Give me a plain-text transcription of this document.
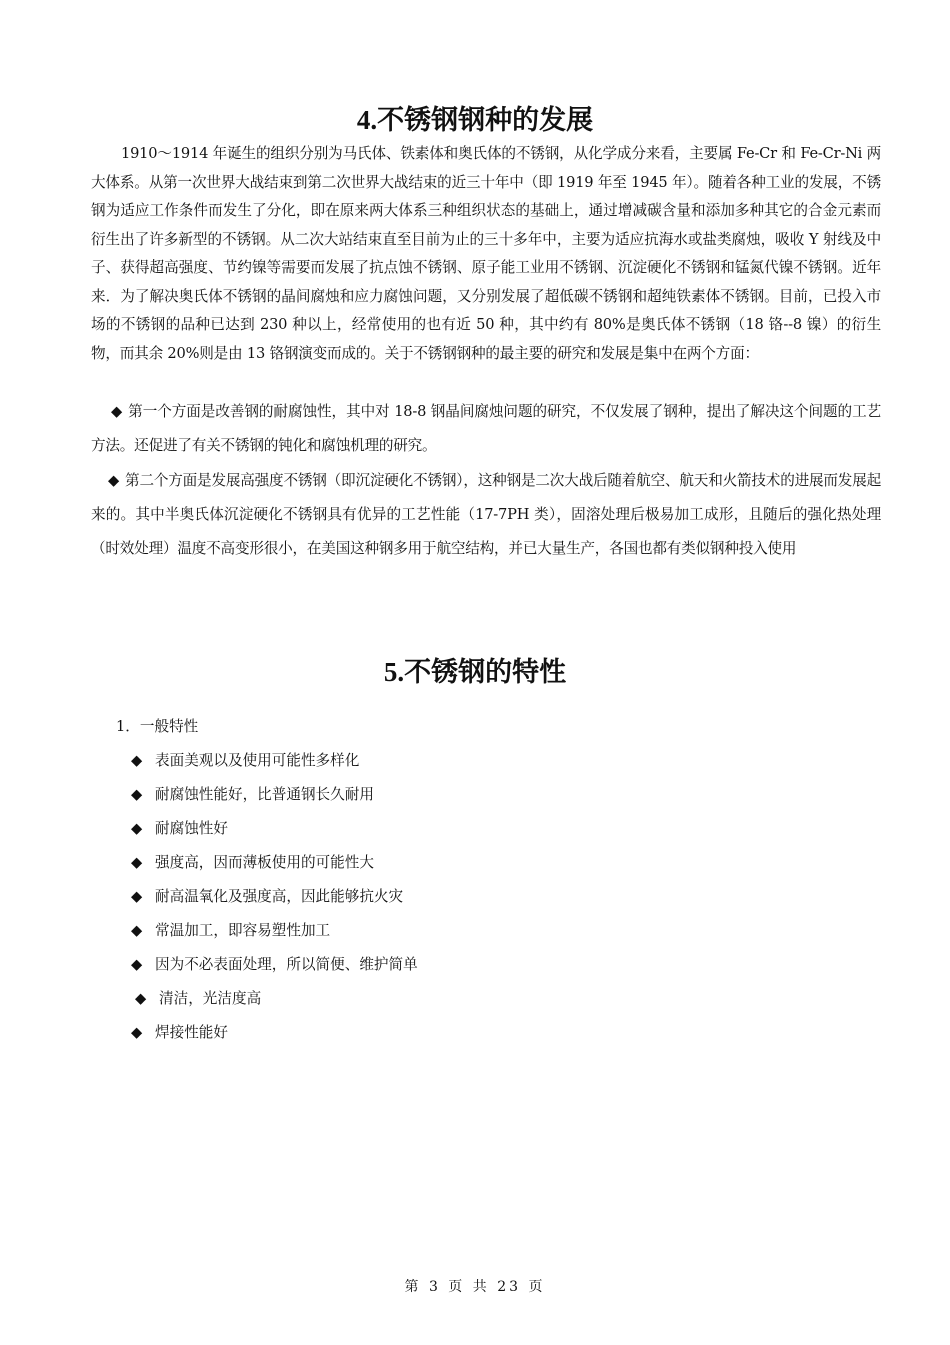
4.不锈钢钢种的发展

1910～1914 年诞生的组织分别为马氏体、铁素体和奥氏体的不锈钢，从化学成分来看，主要属 Fe-Cr 和 Fe-Cr-Ni 两大体系。从第一次世界大战结束到第二次世界大战结束的近三十年中（即 1919 年至 1945 年）。随着各种工业的发展，不锈钢为适应工作条件而发生了分化，即在原来两大体系三种组织状态的基础上，通过增减碳含量和添加多种其它的合金元素而衍生出了许多新型的不锈钢。从二次大站结束直至目前为止的三十多年中，主要为适应抗海水或盐类腐烛，吸收 Y 射线及中子、获得超高强度、节约镍等需要而发展了抗点蚀不锈钢、原子能工业用不锈钢、沉淀硬化不锈钢和锰氮代镍不锈钢。近年来．为了解决奥氏体不锈钢的晶间腐烛和应力腐蚀问题，又分别发展了超低碳不锈钢和超纯铁素体不锈钢。目前，已投入市场的不锈钢的品种已达到 230 种以上，经常使用的也有近 50 种，其中约有 80%是奥氏体不锈钢（18 铬--8 镍）的衍生物，而其余 20%则是由 13 铬钢演变而成的。关于不锈钢钢种的最主要的研究和发展是集中在两个方面：

◆ 第一个方面是改善钢的耐腐蚀性，其中对 18-8 钢晶间腐烛问题的研究，不仅发展了钢种，提出了解决这个间题的工艺方法。还促进了有关不锈钢的钝化和腐蚀机理的研究。

◆ 第二个方面是发展高强度不锈钢（即沉淀硬化不锈钢），这种钢是二次大战后随着航空、航天和火箭技术的进展而发展起来的。其中半奥氏体沉淀硬化不锈钢具有优异的工艺性能（17-7PH 类），固溶处理后极易加工成形，且随后的强化热处理（时效处理）温度不高变形很小，在美国这种钢多用于航空结构，并已大量生产，各国也都有类似钢种投入使用

5.不锈钢的特性

1．一般特性

◆ 表面美观以及使用可能性多样化

◆ 耐腐蚀性能好，比普通钢长久耐用

◆ 耐腐蚀性好

◆ 强度高，因而薄板使用的可能性大

◆ 耐高温氧化及强度高，因此能够抗火灾

◆ 常温加工，即容易塑性加工

◆ 因为不必表面处理，所以简便、维护简单

◆ 清洁，光洁度高

◆ 焊接性能好

第 3 页 共 23 页
